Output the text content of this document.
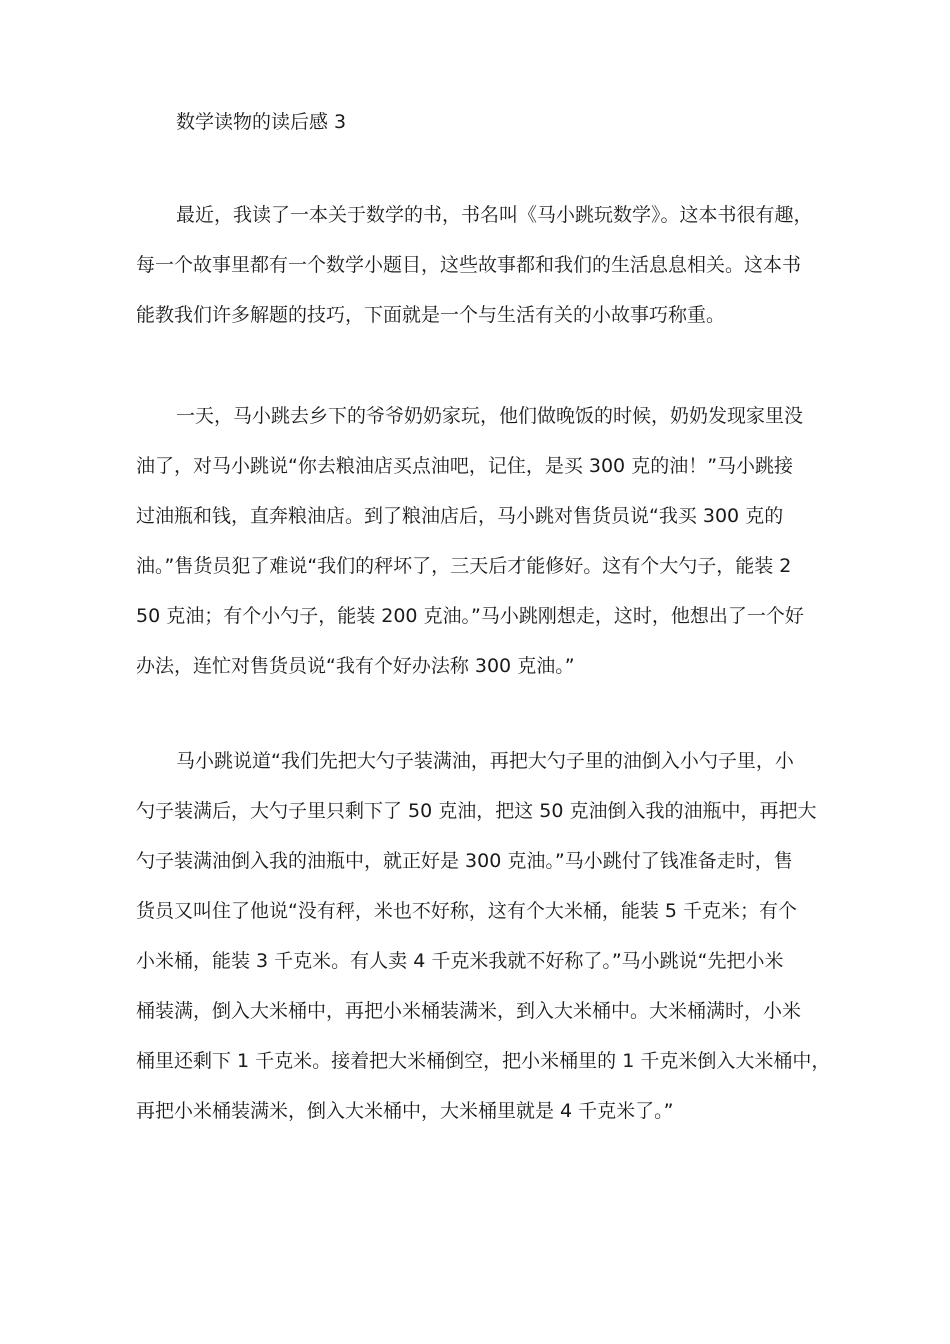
数学读物的读后感 3
最近，我读了一本关于数学的书，书名叫《马小跳玩数学》。这本书很有趣，
每一个故事里都有一个数学小题目，这些故事都和我们的生活息息相关。这本书
能教我们许多解题的技巧，下面就是一个与生活有关的小故事巧称重。
一天，马小跳去乡下的爷爷奶奶家玩，他们做晚饭的时候，奶奶发现家里没
油了，对马小跳说“你去粮油店买点油吧，记住，是买 300 克的油！”马小跳接
过油瓶和钱，直奔粮油店。到了粮油店后，马小跳对售货员说“我买 300 克的
油。”售货员犯了难说“我们的秤坏了，三天后才能修好。这有个大勺子，能装 2
50 克油；有个小勺子，能装 200 克油。”马小跳刚想走，这时，他想出了一个好
办法，连忙对售货员说“我有个好办法称 300 克油。”
马小跳说道“我们先把大勺子装满油，再把大勺子里的油倒入小勺子里，小
勺子装满后，大勺子里只剩下了 50 克油，把这 50 克油倒入我的油瓶中，再把大
勺子装满油倒入我的油瓶中，就正好是 300 克油。”马小跳付了钱准备走时，售
货员又叫住了他说“没有秤，米也不好称，这有个大米桶，能装 5 千克米；有个
小米桶，能装 3 千克米。有人卖 4 千克米我就不好称了。”马小跳说“先把小米
桶装满，倒入大米桶中，再把小米桶装满米，到入大米桶中。大米桶满时，小米
桶里还剩下 1 千克米。接着把大米桶倒空，把小米桶里的 1 千克米倒入大米桶中，
再把小米桶装满米，倒入大米桶中，大米桶里就是 4 千克米了。”
